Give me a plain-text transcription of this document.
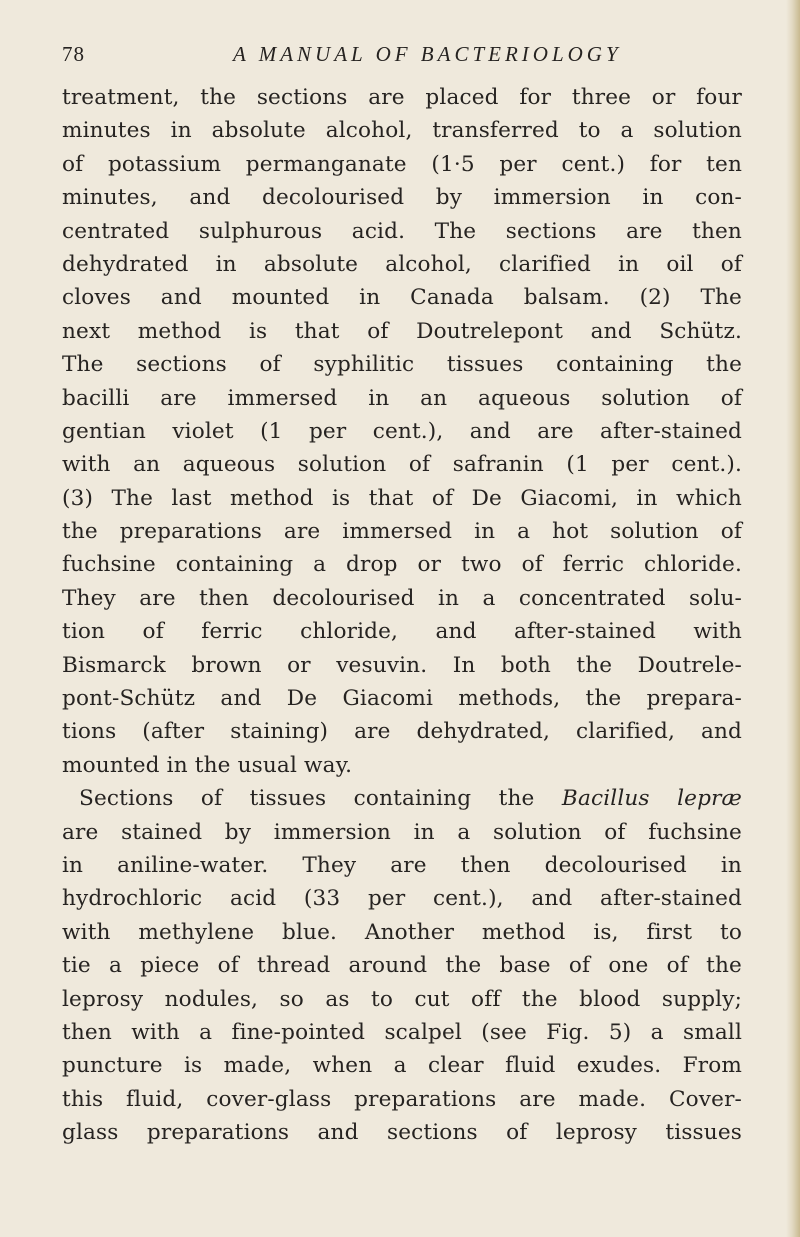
78	A MANUAL OF BACTERIOLOGY
treatment, the sections are placed for three or four
minutes in absolute alcohol, transferred to a solution
of potassium permanganate (1·5 per cent.) for ten
minutes, and decolourised by immersion in con-
centrated sulphurous acid. The sections are then
dehydrated in absolute alcohol, clarified in oil of
cloves and mounted in Canada balsam. (2) The
next method is that of Doutrelepont and Schütz.
The sections of syphilitic tissues containing the
bacilli are immersed in an aqueous solution of
gentian violet (1 per cent.), and are after-stained
with an aqueous solution of safranin (1 per cent.).
(3) The last method is that of De Giacomi, in which
the preparations are immersed in a hot solution of
fuchsine containing a drop or two of ferric chloride.
They are then decolourised in a concentrated solu-
tion of ferric chloride, and after-stained with
Bismarck brown or vesuvin. In both the Doutrele-
pont-Schütz and De Giacomi methods, the prepara-
tions (after staining) are dehydrated, clarified, and
mounted in the usual way.
Sections of tissues containing the Bacillus lepræ
are stained by immersion in a solution of fuchsine
in aniline-water. They are then decolourised in
hydrochloric acid (33 per cent.), and after-stained
with methylene blue. Another method is, first to
tie a piece of thread around the base of one of the
leprosy nodules, so as to cut off the blood supply;
then with a fine-pointed scalpel (see Fig. 5) a small
puncture is made, when a clear fluid exudes. From
this fluid, cover-glass preparations are made. Cover-
glass preparations and sections of leprosy tissues
